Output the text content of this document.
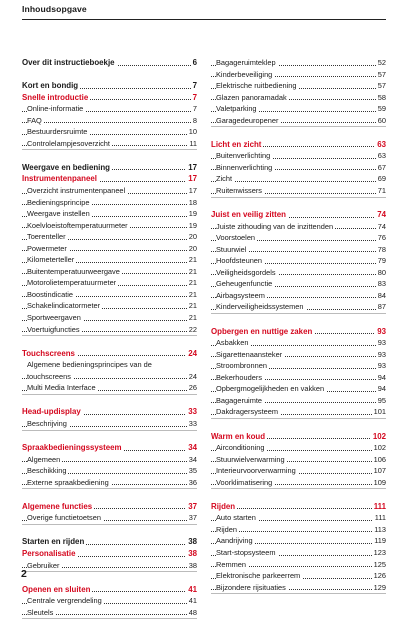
Inhoudsopgave
Over dit instructieboekje	6
Kort en bondig	7
Snelle introductie	7
Online-informatie	7
FAQ	8
Bestuurdersruimte	10
Controlelampjesoverzicht	11
Weergave en bediening	17
Instrumentenpaneel	17
Overzicht instrumentenpaneel	17
Bedieningsprincipe	18
Weergave instellen	19
Koelvloeistoftemperatuurmeter	19
Toerenteller	20
Powermeter	20
Kilometerteller	21
Buitentemperatuurweergave	21
Motorolietemperatuurmeter	21
Boostindicatie	21
Schakelindicatormeter	21
Sportweergaven	21
Voertuigfuncties	22
Touchscreens	24
Algemene bedieningsprincipes van de
touchscreens	24
Multi Media Interface	26
Head-updisplay	33
Beschrijving	33
Spraakbedieningssysteem	34
Algemeen	34
Beschikking	35
Externe spraakbediening	36
Algemene functies	37
Overige functietoetsen	37
Starten en rijden	38
Personalisatie	38
Gebruiker	38
Openen en sluiten	41
Centrale vergrendeling	41
Sleutels	48
Bagageruimteklep	52
Kinderbeveiliging	57
Elektrische ruitbediening	57
Glazen panoramadak	58
Valetparking	59
Garagedeuropener	60
Licht en zicht	63
Buitenverlichting	63
Binnenverlichting	67
Zicht	69
Ruitenwissers	71
Juist en veilig zitten	74
Juiste zithouding van de inzittenden	74
Voorstoelen	76
Stuurwiel	78
Hoofdsteunen	79
Veiligheidsgordels	80
Geheugenfunctie	83
Airbagsysteem	84
Kinderveiligheidssystemen	87
Opbergen en nuttige zaken	93
Asbakken	93
Sigarettenaansteker	93
Stroombronnen	93
Bekerhouders	94
Opbergmogelijkheden en vakken	94
Bagageruimte	95
Dakdragersysteem	101
Warm en koud	102
Airconditioning	102
Stuurwielverwarming	106
Interieurvoorverwarming	107
Voorklimatisering	109
Rijden	111
Auto starten	111
Rijden	113
Aandrijving	119
Start-stopsysteem	123
Remmen	125
Elektronische parkeerrem	126
Bijzondere rijsituaties	129
2
